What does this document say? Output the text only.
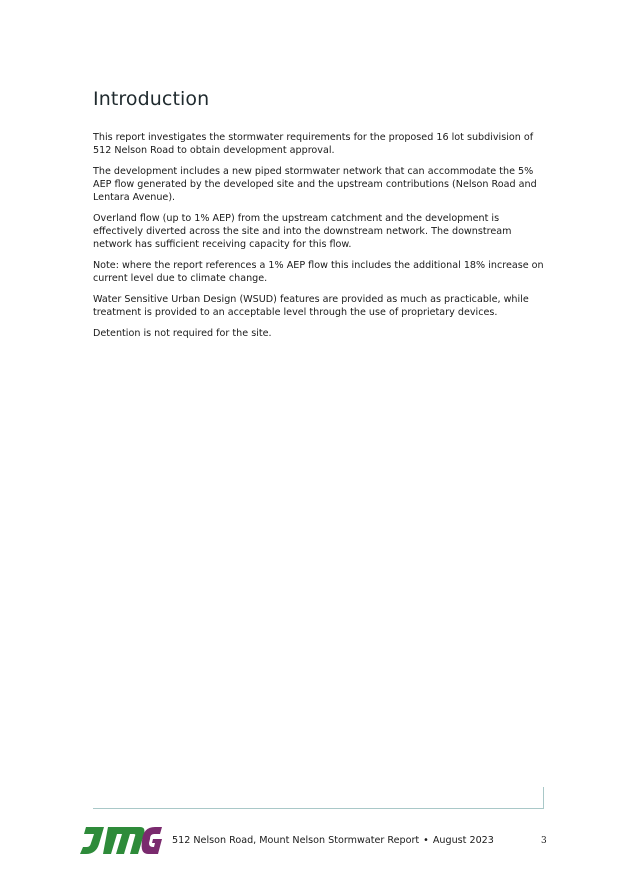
Introduction

This report investigates the stormwater requirements for the proposed 16 lot subdivision of 512 Nelson Road to obtain development approval.

The development includes a new piped stormwater network that can accommodate the 5% AEP flow generated by the developed site and the upstream contributions (Nelson Road and Lentara Avenue).

Overland flow (up to 1% AEP) from the upstream catchment and the development is effectively diverted across the site and into the downstream network. The downstream network has sufficient receiving capacity for this flow.

Note: where the report references a 1% AEP flow this includes the additional 18% increase on current level due to climate change.

Water Sensitive Urban Design (WSUD) features are provided as much as practicable, while treatment is provided to an acceptable level through the use of proprietary devices.

Detention is not required for the site.

512 Nelson Road, Mount Nelson Stormwater Report • August 2023	3
